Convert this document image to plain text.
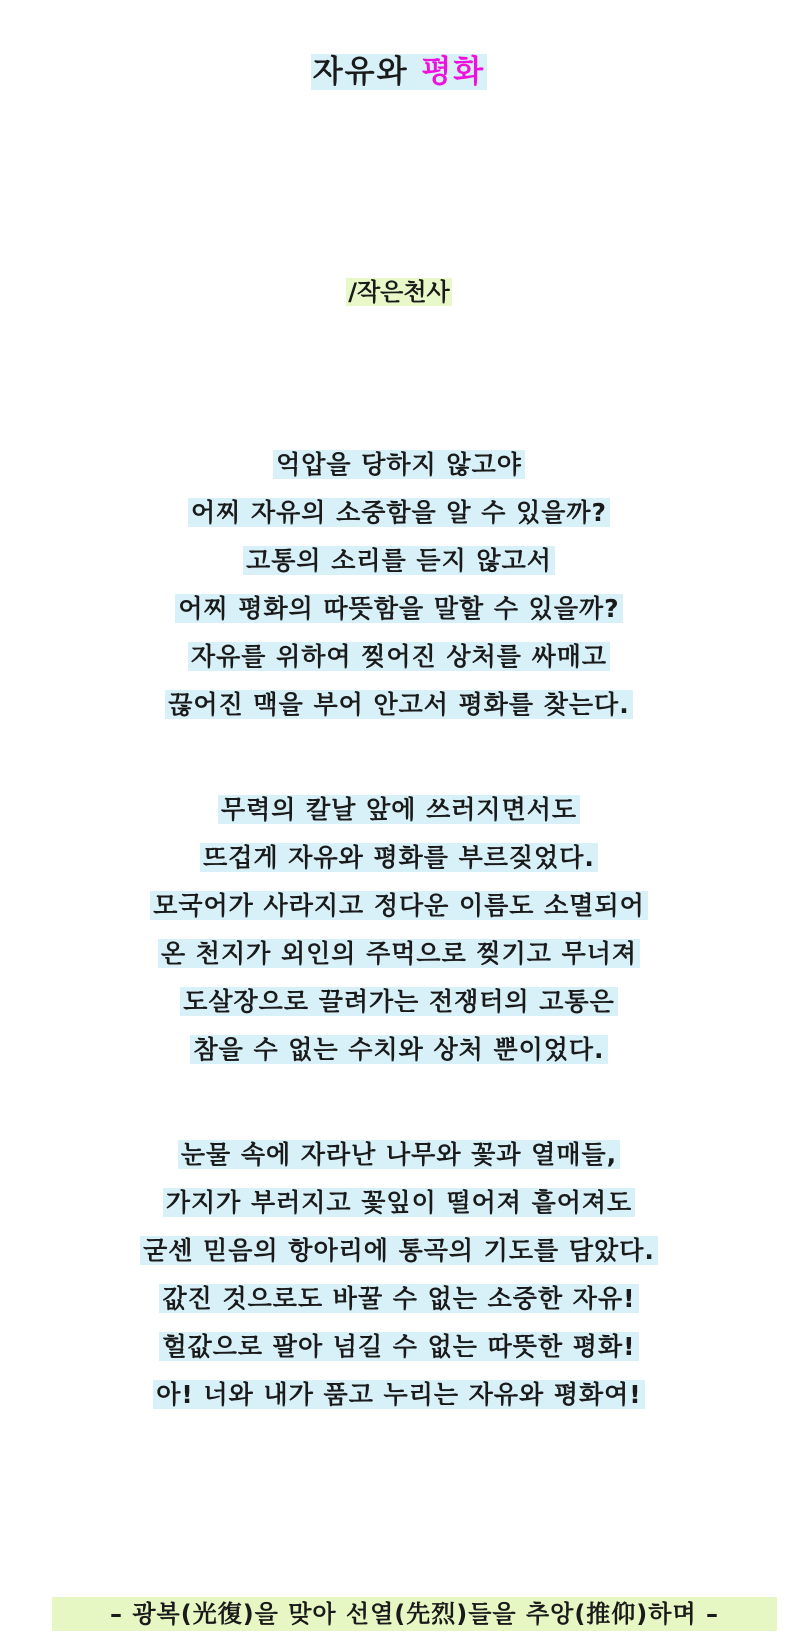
자유와 평화
/작은천사
억압을 당하지 않고야
어찌 자유의 소중함을 알 수 있을까?
고통의 소리를 듣지 않고서
어찌 평화의 따뜻함을 말할 수 있을까?
자유를 위하여 찢어진 상처를 싸매고
끊어진 맥을 부어 안고서 평화를 찾는다.
무력의 칼날 앞에 쓰러지면서도
뜨겁게 자유와 평화를 부르짖었다.
모국어가 사라지고 정다운 이름도 소멸되어
온 천지가 외인의 주먹으로 찢기고 무너져
도살장으로 끌려가는 전쟁터의 고통은
참을 수 없는 수치와 상처 뿐이었다.
눈물 속에 자라난 나무와 꽃과 열매들,
가지가 부러지고 꽃잎이 떨어져 흩어져도
굳센 믿음의 항아리에 통곡의 기도를 담았다.
값진 것으로도 바꿀 수 없는 소중한 자유!
헐값으로 팔아 넘길 수 없는 따뜻한 평화!
아! 너와 내가 품고 누리는 자유와 평화여!
– 광복(光復)을 맞아 선열(先烈)들을 추앙(推仰)하며 –
